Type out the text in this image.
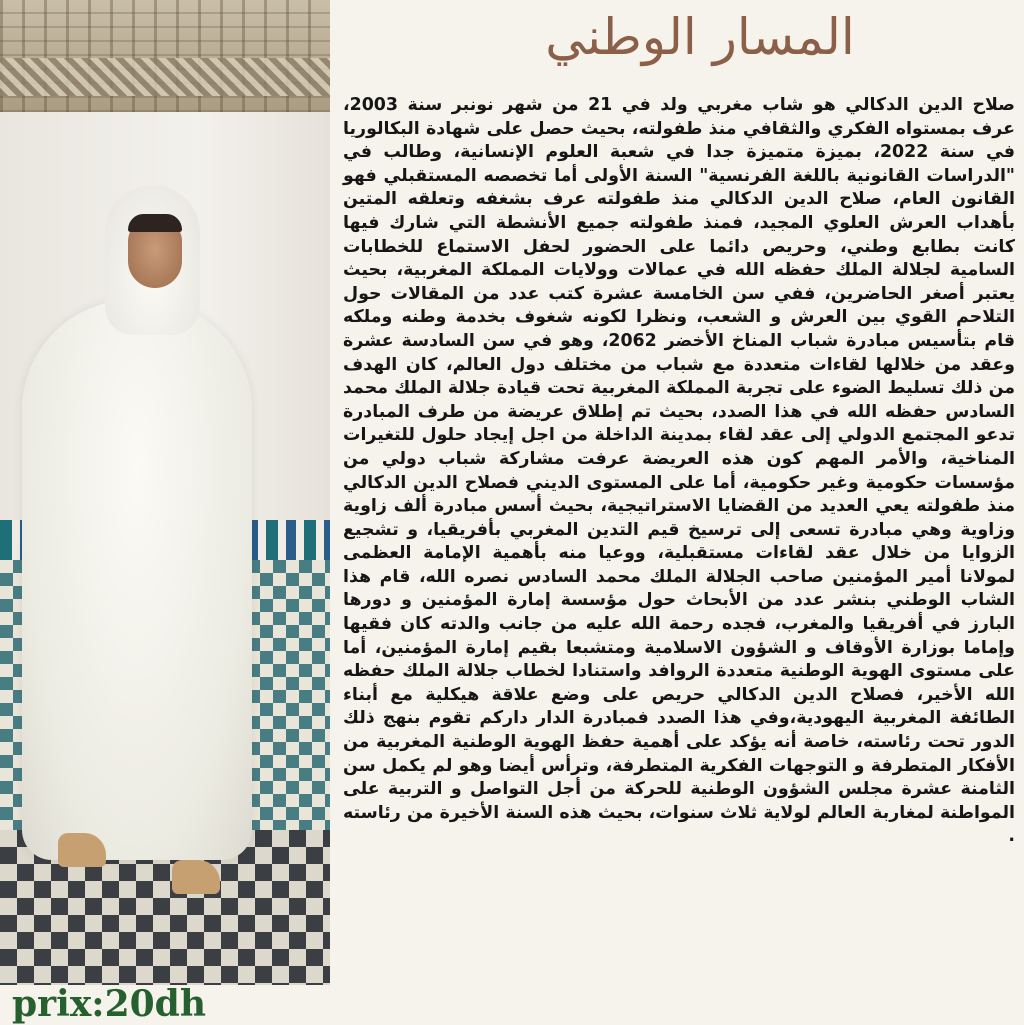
المسار الوطني
صلاح الدين الدكالي هو شاب مغربي ولد في 21 من شهر نونبر سنة 2003، عرف بمستواه الفكري والثقافي منذ طفولته، بحيث حصل على شهادة البكالوريا في سنة 2022، بميزة متميزة جدا في شعبة العلوم الإنسانية، وطالب في "الدراسات القانونية باللغة الفرنسية" السنة الأولى أما تخصصه المستقبلي فهو القانون العام، صلاح الدين الدكالي منذ طفولته عرف بشغفه وتعلقه المتين بأهداب العرش العلوي المجيد، فمنذ طفولته جميع الأنشطة التي شارك فيها كانت بطابع وطني، وحريص دائما على الحضور لحفل الاستماع للخطابات السامية لجلالة الملك حفظه الله في عمالات وولايات المملكة المغربية، بحيث يعتبر أصغر الحاضرين، ففي سن الخامسة عشرة كتب عدد من المقالات حول التلاحم القوي بين العرش و الشعب، ونظرا لكونه شغوف بخدمة وطنه وملكه قام بتأسيس مبادرة شباب المناخ الأخضر 2062، وهو في سن السادسة عشرة وعقد من خلالها لقاءات متعددة مع شباب من مختلف دول العالم، كان الهدف من ذلك تسليط الضوء على تجربة المملكة المغربية تحت قيادة جلالة الملك محمد السادس حفظه الله في هذا الصدد، بحيث تم إطلاق عريضة من طرف المبادرة تدعو المجتمع الدولي إلى عقد لقاء بمدينة الداخلة من اجل إيجاد حلول للتغيرات المناخية، والأمر المهم كون هذه العريضة عرفت مشاركة شباب دولي من مؤسسات حكومية وغير حكومية، أما على المستوى الديني فصلاح الدين الدكالي منذ طفولته يعي العديد من القضايا الاستراتيجية، بحيث أسس مبادرة ألف زاوية وزاوية وهي مبادرة تسعى إلى ترسيخ قيم التدين المغربي بأفريقيا، و تشجيع الزوايا من خلال عقد لقاءات مستقبلية، ووعيا منه بأهمية الإمامة العظمى لمولانا أمير المؤمنين صاحب الجلالة الملك محمد السادس نصره الله، قام هذا الشاب الوطني بنشر عدد من الأبحاث حول مؤسسة إمارة المؤمنين و دورها البارز في أفريقيا والمغرب، فجده رحمة الله عليه من جانب والدته كان فقيها وإماما بوزارة الأوقاف و الشؤون الاسلامية ومتشبعا بقيم إمارة المؤمنين، أما على مستوى الهوية الوطنية متعددة الروافد واستنادا لخطاب جلالة الملك حفظه الله الأخير، فصلاح الدين الدكالي حريص على وضع علاقة هيكلية مع أبناء الطائفة المغربية اليهودية،وفي هذا الصدد فمبادرة الدار داركم تقوم بنهج ذلك الدور تحت رئاسته، خاصة أنه يؤكد على أهمية حفظ الهوية الوطنية المغربية من الأفكار المتطرفة و التوجهات الفكرية المتطرفة، وترأس أيضا وهو لم يكمل سن الثامنة عشرة مجلس الشؤون الوطنية للحركة من أجل التواصل و التربية على المواطنة لمغاربة العالم لولاية ثلاث سنوات، بحيث هذه السنة الأخيرة من رئاسته .
prix:20dh
